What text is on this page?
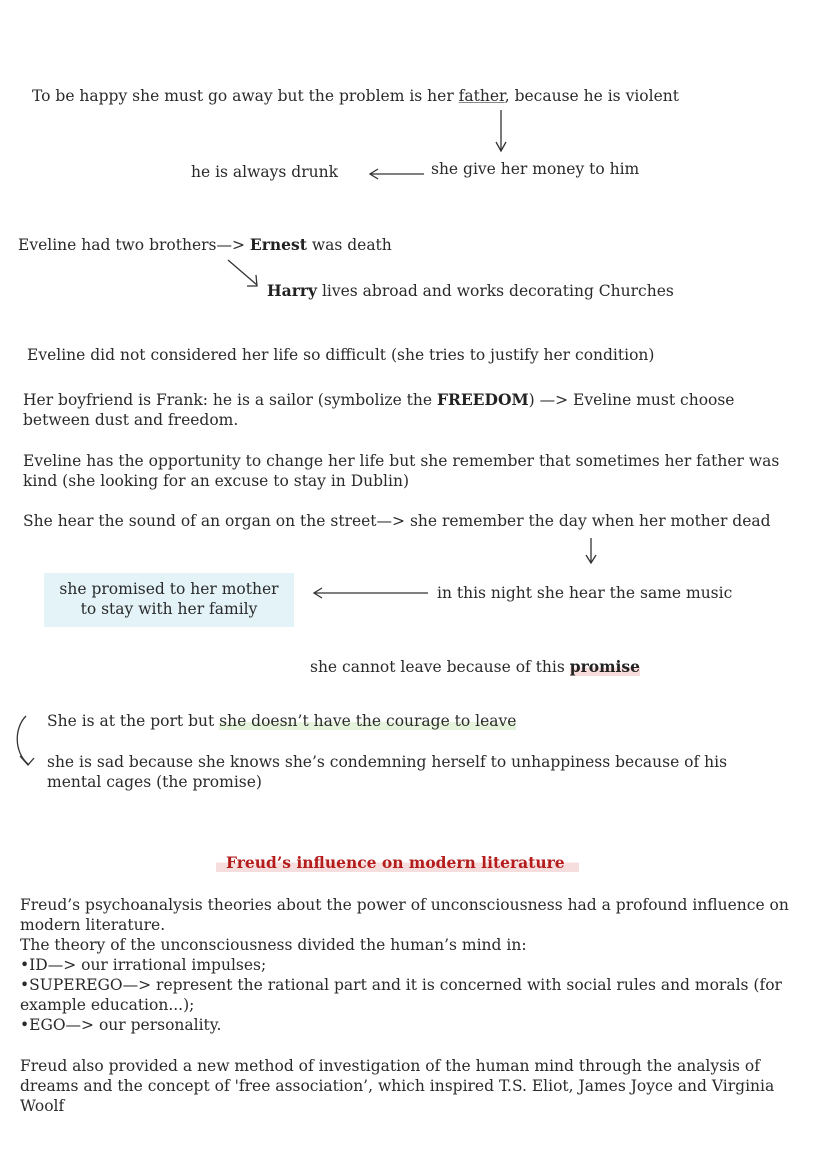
To be happy she must go away but the problem is her father, because he is violent

he is always drunk	she give her money to him

Eveline had two brothers—> Ernest was death

Harry lives abroad and works decorating Churches

Eveline did not considered her life so difficult (she tries to justify her condition)

Her boyfriend is Frank: he is a sailor (symbolize the FREEDOM) —> Eveline must choose between dust and freedom.

Eveline has the opportunity to change her life but she remember that sometimes her father was kind (she looking for an excuse to stay in Dublin)

She hear the sound of an organ on the street—> she remember the day when her mother dead

she promised to her mother

to stay with her family

in this night she hear the same music

she cannot leave because of this promise

She is at the port but she doesn’t have the courage to leave

she is sad because she knows she’s condemning herself to unhappiness because of his mental cages (the promise)

Freud’s influence on modern literature

Freud’s psychoanalysis theories about the power of unconsciousness had a profound influence on modern literature.

The theory of the unconsciousness divided the human’s mind in:

•ID—> our irrational impulses;

•SUPEREGO—> represent the rational part and it is concerned with social rules and morals (for example education...);

•EGO—> our personality.

Freud also provided a new method of investigation of the human mind through the analysis of dreams and the concept of 'free association’, which inspired T.S. Eliot, James Joyce and Virginia Woolf
